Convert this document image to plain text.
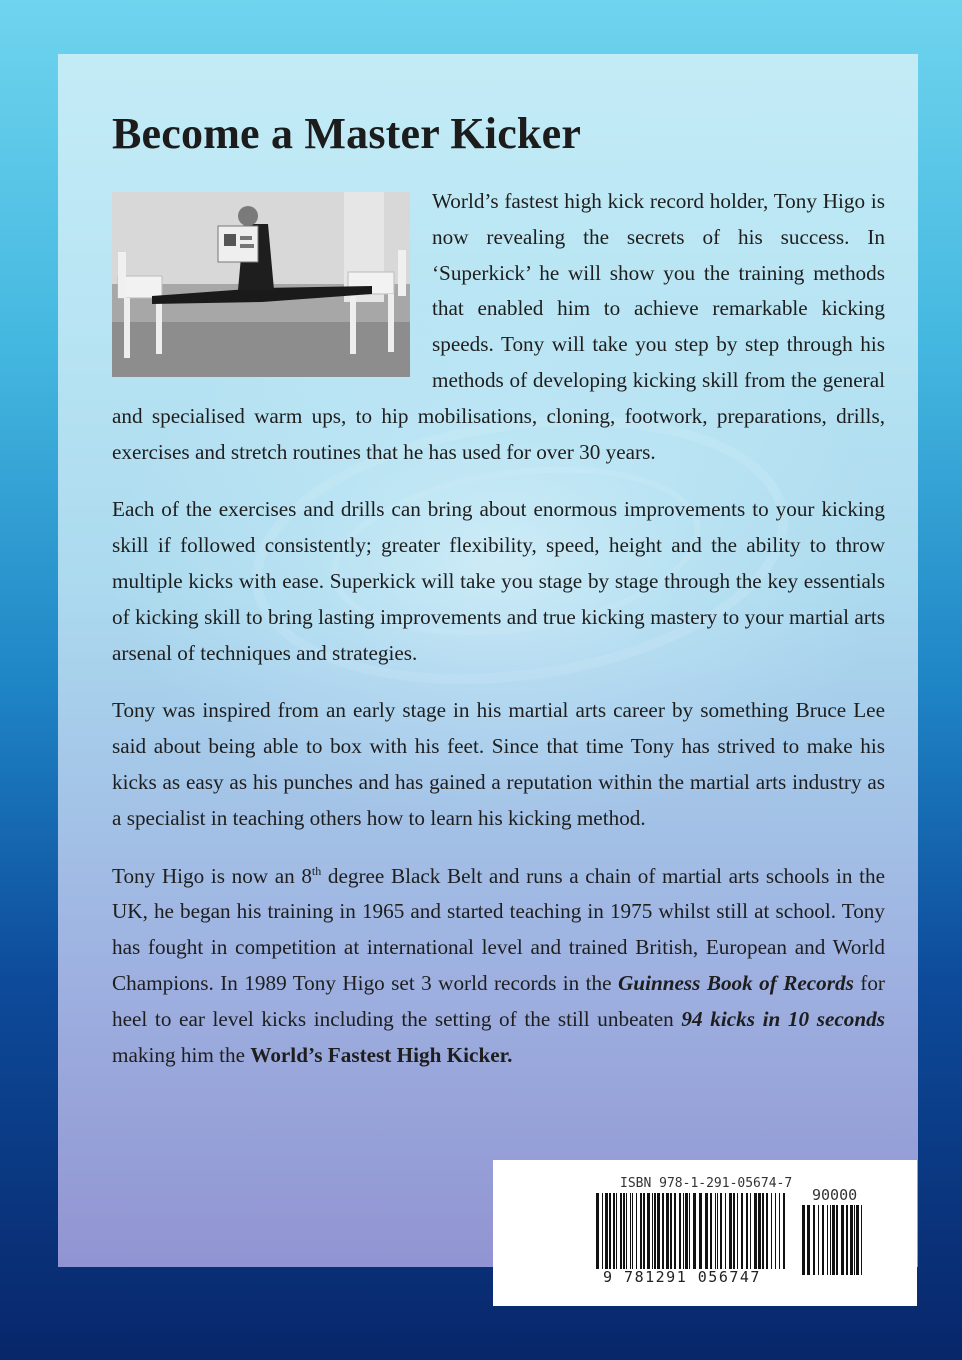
Become a Master Kicker

World’s fastest high kick record holder, Tony Higo is now revealing the secrets of his success. In ‘Superkick’ he will show you the training methods that enabled him to achieve remarkable kicking speeds. Tony will take you step by step through his methods of developing kicking skill from the general and specialised warm ups, to hip mobilisations, cloning, footwork, preparations, drills, exercises and stretch routines that he has used for over 30 years.

Each of the exercises and drills can bring about enormous improvements to your kicking skill if followed consistently; greater flexibility, speed, height and the ability to throw multiple kicks with ease. Superkick will take you stage by stage through the key essentials of kicking skill to bring lasting improvements and true kicking mastery to your martial arts arsenal of techniques and strategies.

Tony was inspired from an early stage in his martial arts career by something Bruce Lee said about being able to box with his feet. Since that time Tony has strived to make his kicks as easy as his punches and has gained a reputation within the martial arts industry as a specialist in teaching others how to learn his kicking method.

Tony Higo is now an 8th degree Black Belt and runs a chain of martial arts schools in the UK, he began his training in 1965 and started teaching in 1975 whilst still at school. Tony has fought in competition at international level and trained British, European and World Champions. In 1989 Tony Higo set 3 world records in the Guinness Book of Records for heel to ear level kicks including the setting of the still unbeaten 94 kicks in 10 seconds making him the World’s Fastest High Kicker.

ISBN 978-1-291-05674-7
90000
9 781291 056747
